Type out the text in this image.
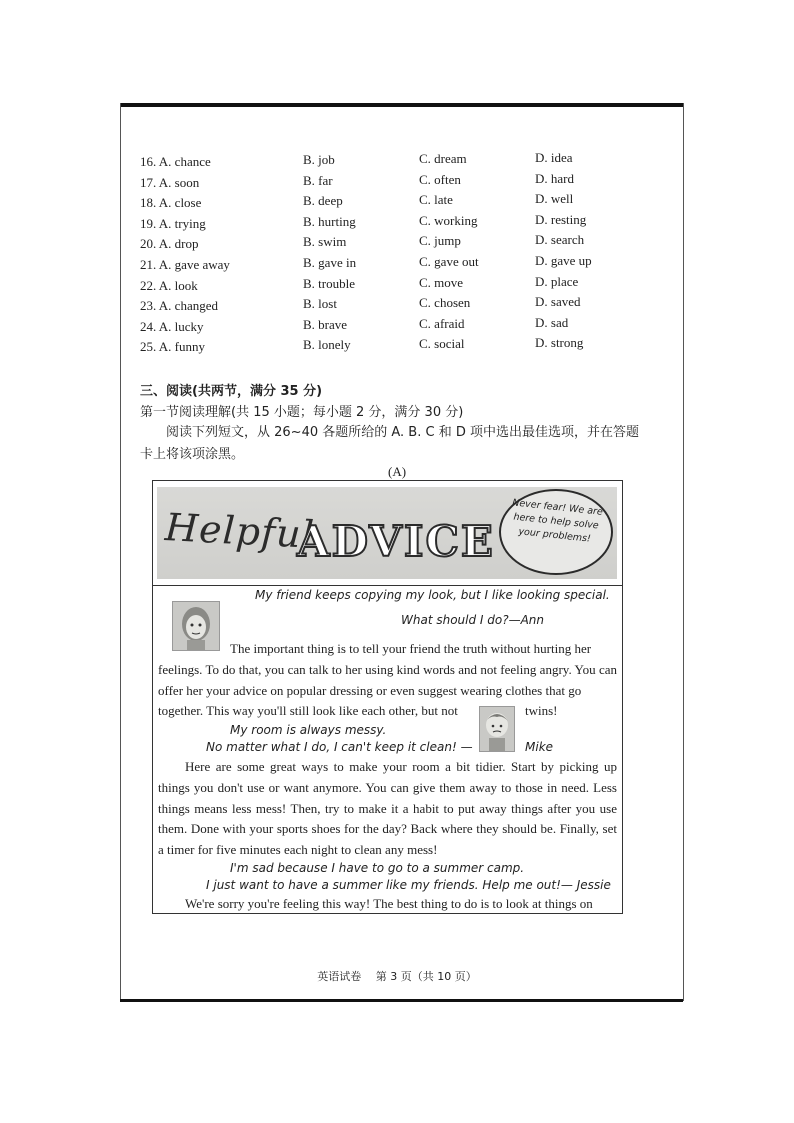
16. A. chance	B. job	C. dream	D. idea
17. A. soon	B. far	C. often	D. hard
18. A. close	B. deep	C. late	D. well
19. A. trying	B. hurting	C. working	D. resting
20. A. drop	B. swim	C. jump	D. search
21. A. gave away	B. gave in	C. gave out	D. gave up
22. A. look	B. trouble	C. move	D. place
23. A. changed	B. lost	C. chosen	D. saved
24. A. lucky	B. brave	C. afraid	D. sad
25. A. funny	B. lonely	C. social	D. strong
三、阅读(共两节，满分 35 分)
第一节阅读理解(共 15 小题；每小题 2 分，满分 30 分)
阅读下列短文，从 26~40 各题所给的 A. B. C 和 D 项中选出最佳选项，并在答题
卡上将该项涂黑。
(A)
Helpful
ADVICE
Never fear! We are here to help solve your problems!
My friend keeps copying my look, but I like looking special.
What should I do?—Ann
The important thing is to tell your friend the truth without hurting her
feelings. To do that, you can talk to her using kind words and not feeling angry. You can offer her your advice on popular dressing or even suggest wearing clothes that go
together. This way you'll still look like each other, but not	twins!
My room is always messy.
No matter what I do, I can't keep it clean! —	Mike
Here are some great ways to make your room a bit tidier. Start by picking up things you don't use or want anymore. You can give them away to those in need. Less things means less mess! Then, try to make it a habit to put away things after you use them. Done with your sports shoes for the day? Back where they should be. Finally, set a timer for five minutes each night to clean any mess!
I'm sad because I have to go to a summer camp.
I just want to have a summer like my friends. Help me out!— Jessie
We're sorry you're feeling this way! The best thing to do is to look at things on
英语试卷　 第 3 页（共 10 页）
